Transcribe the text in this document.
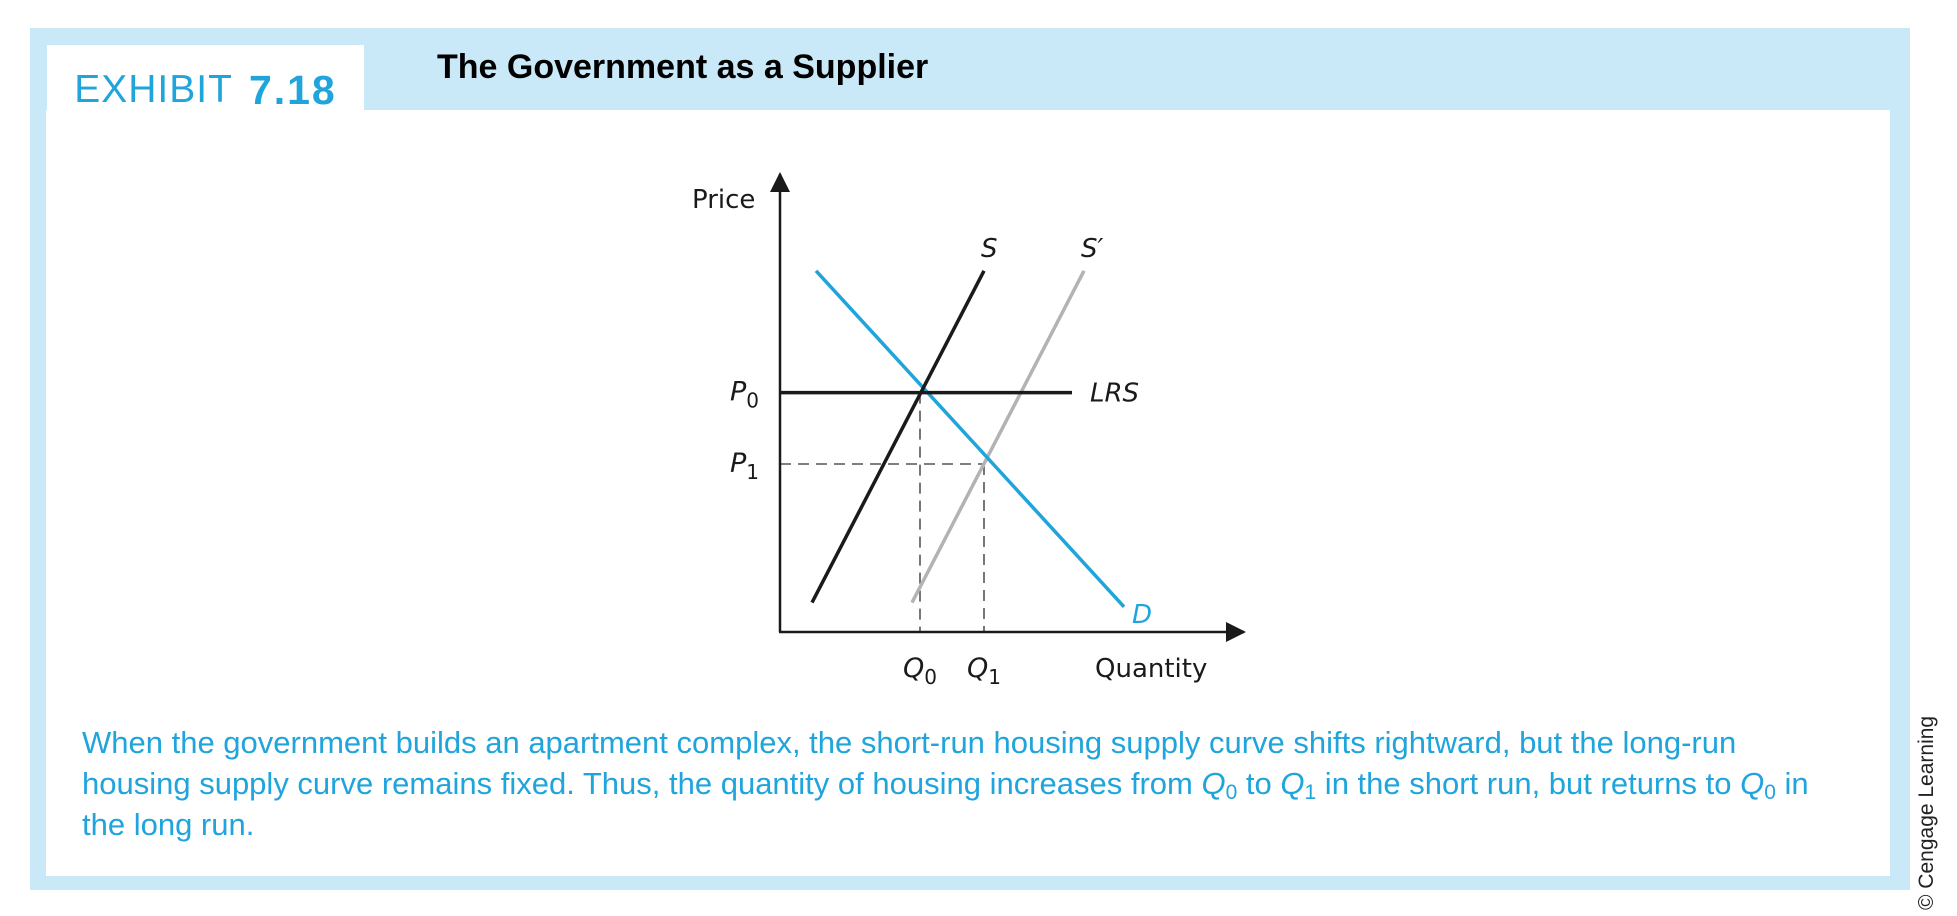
EXHIBIT 7.18	The Government as a Supplier
Price
Quantity
$P_0$
$P_1$
$Q_0$ $Q_1$
D
S	S′
LRS
When the government builds an apartment complex, the short-run housing supply curve shifts rightward, but the long-run housing supply curve remains fixed. Thus, the quantity of housing increases from $Q_0$ to $Q_1$ in the short run, but returns to $Q_0$ in the long run.	© Cengage Learning
